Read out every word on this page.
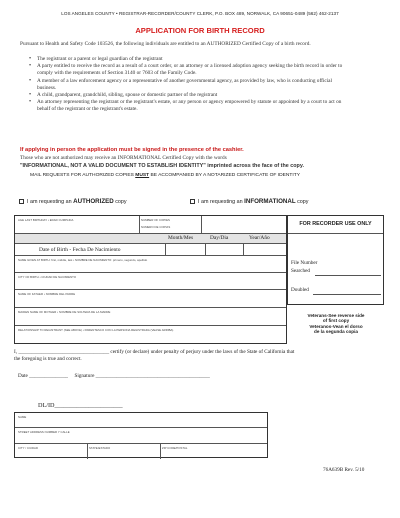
LOS ANGELES COUNTY • REGISTRAR-RECORDER/COUNTY CLERK, P.O. BOX 489, NORWALK, CA 90651-0489 (562) 462-2137
APPLICATION FOR BIRTH RECORD
Pursuant to Health and Safety Code 103526, the following individuals are entitled to an AUTHORIZED Certified Copy of a birth record.
• The registrant or a parent or legal guardian of the registrant
• A party entitled to receive the record as a result of a court order, or an attorney or a licensed adoption agency seeking the birth record in order to comply with the requirements of Section 3140 or 7603 of the Family Code.
• A member of a law enforcement agency or a representative of another governmental agency, as provided by law, who is conducting official business.
• A child, grandparent, grandchild, sibling, spouse or domestic partner of the registrant
• An attorney representing the registrant or the registrant's estate, or any person or agency empowered by statute or appointed by a court to act on behalf of the registrant or the registrant's estate.
If applying in person the application must be signed in the presence of the cashier.
Those who are not authorized may receive an INFORMATIONAL Certified Copy with the words
"INFORMATIONAL, NOT A VALID DOCUMENT TO ESTABLISH IDENTITY" imprinted across the face of the copy.
MAIL REQUESTS FOR AUTHORIZED COPIES MUST BE ACCOMPANIED BY A NOTARIZED CERTIFICATE OF IDENTITY
I am requesting an AUTHORIZED copy	I am requesting an INFORMATIONAL copy
AGE LAST BIRTHDAY • EDAD CUMPLIDA	NUMBER OF COPIES
NUMERO DE COPIAS
Month/Mes	Day/Dia	Year/Año
Date of Birth - Fecha De Nacimiento
NAME GIVEN AT BIRTH: first, middle, last • NOMBRE DE NACIMIENTO: primero, segundo, apellido
CITY OF BIRTH • CIUDAD DE NACIMIENTO
NAME OF FATHER • NOMBRE DEL PADRE
MAIDEN NAME OF MOTHER • NOMBRE DE SOLTERA DE LA MADRE
RELATIONSHIP TO REGISTRANT (SEE ABOVE) • PARENTESCO CON LA PERSONA REGISTRADA (VEASE ARRIBA)
FOR RECORDER USE ONLY
File Number
Searched
Doubled
Veterans-See reverse side
of first copy
Veteranos-Vean el dorso
de la segunda copia
I, ___________________________________ certify (or declare) under penalty of perjury under the laws of the State of California that the foregoing is true and correct.
Date _______________ Signature ____________________________________________
DL/ID______________________
NAME
STREET ADDRESS NUMBER Y CALLE
CITY / CIUDAD	STATE/ESTADO	ZIP CODE/POSTAL
76A639B Rev. 5/10
